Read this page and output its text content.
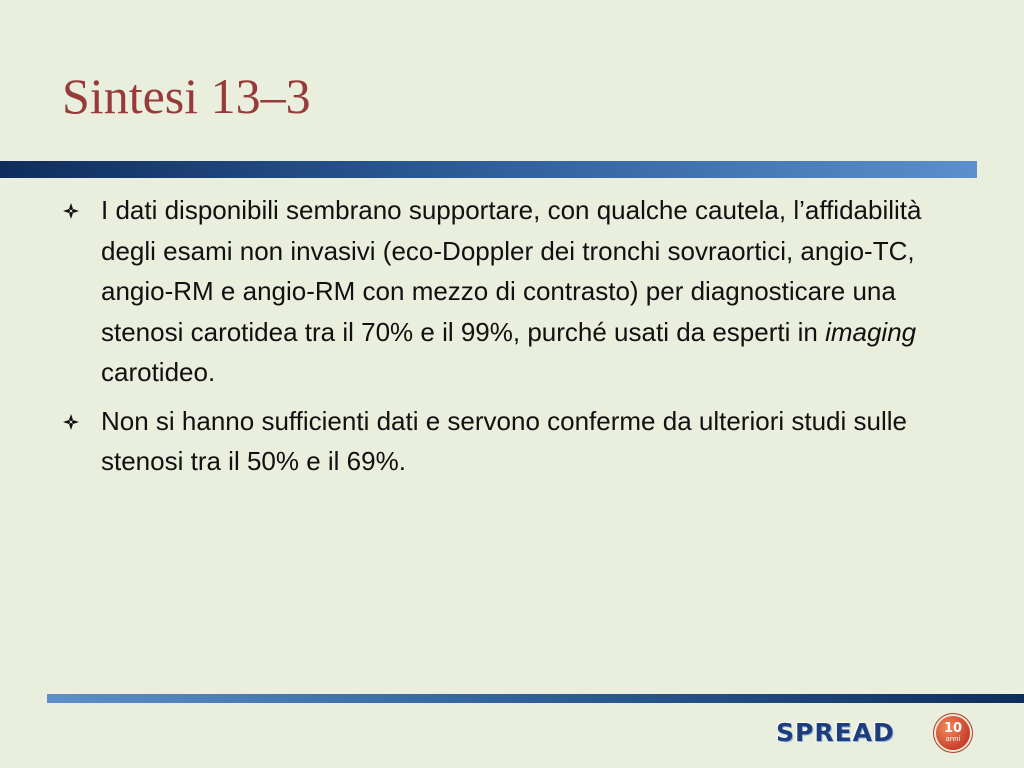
Sintesi 13–3
I dati disponibili sembrano supportare, con qualche cautela, l’affidabilità degli esami non invasivi (eco-Doppler dei tronchi sovraortici, angio-TC, angio-RM e angio-RM con mezzo di contrasto) per diagnosticare una stenosi carotidea tra il 70% e il 99%, purché usati da esperti in imaging carotideo.
Non si hanno sufficienti dati e servono conferme da ulteriori studi sulle stenosi tra il 50% e il 69%.
SPREAD	10
anni
